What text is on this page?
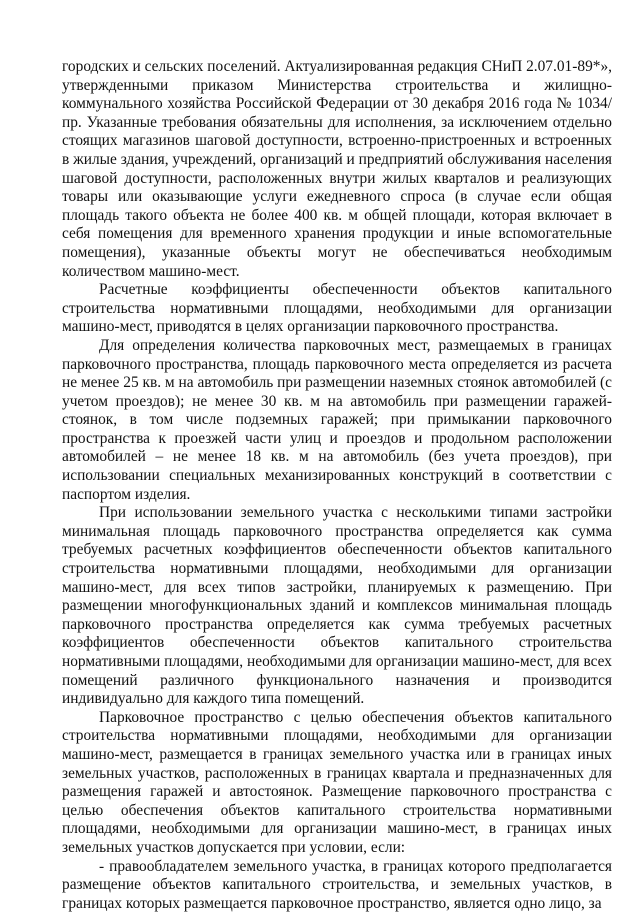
городских и сельских поселений. Актуализированная редакция СНиП 2.07.01-89*», утвержденными приказом Министерства строительства и жилищно-коммунального хозяйства Российской Федерации от 30 декабря 2016 года № 1034/пр. Указанные требования обязательны для исполнения, за исключением отдельно стоящих магазинов шаговой доступности, встроенно-пристроенных и встроенных в жилые здания, учреждений, организаций и предприятий обслуживания населения шаговой доступности, расположенных внутри жилых кварталов и реализующих товары или оказывающие услуги ежедневного спроса (в случае если общая площадь такого объекта не более 400 кв. м общей площади, которая включает в себя помещения для временного хранения продукции и иные вспомогательные помещения), указанные объекты могут не обеспечиваться необходимым количеством машино-мест.

Расчетные коэффициенты обеспеченности объектов капитального строительства нормативными площадями, необходимыми для организации машино-мест, приводятся в целях организации парковочного пространства.

Для определения количества парковочных мест, размещаемых в границах парковочного пространства, площадь парковочного места определяется из расчета не менее 25 кв. м на автомобиль при размещении наземных стоянок автомобилей (с учетом проездов); не менее 30 кв. м на автомобиль при размещении гаражей-стоянок, в том числе подземных гаражей; при примыкании парковочного пространства к проезжей части улиц и проездов и продольном расположении автомобилей – не менее 18 кв. м на автомобиль (без учета проездов), при использовании специальных механизированных конструкций в соответствии с паспортом изделия.

При использовании земельного участка с несколькими типами застройки минимальная площадь парковочного пространства определяется как сумма требуемых расчетных коэффициентов обеспеченности объектов капитального строительства нормативными площадями, необходимыми для организации машино-мест, для всех типов застройки, планируемых к размещению. При размещении многофункциональных зданий и комплексов минимальная площадь парковочного пространства определяется как сумма требуемых расчетных коэффициентов обеспеченности объектов капитального строительства нормативными площадями, необходимыми для организации машино-мест, для всех помещений различного функционального назначения и производится индивидуально для каждого типа помещений.

Парковочное пространство с целью обеспечения объектов капитального строительства нормативными площадями, необходимыми для организации машино-мест, размещается в границах земельного участка или в границах иных земельных участков, расположенных в границах квартала и предназначенных для размещения гаражей и автостоянок. Размещение парковочного пространства с целью обеспечения объектов капитального строительства нормативными площадями, необходимыми для организации машино-мест, в границах иных земельных участков допускается при условии, если:

- правообладателем земельного участка, в границах которого предполагается размещение объектов капитального строительства, и земельных участков, в границах которых размещается парковочное пространство, является одно лицо, за
